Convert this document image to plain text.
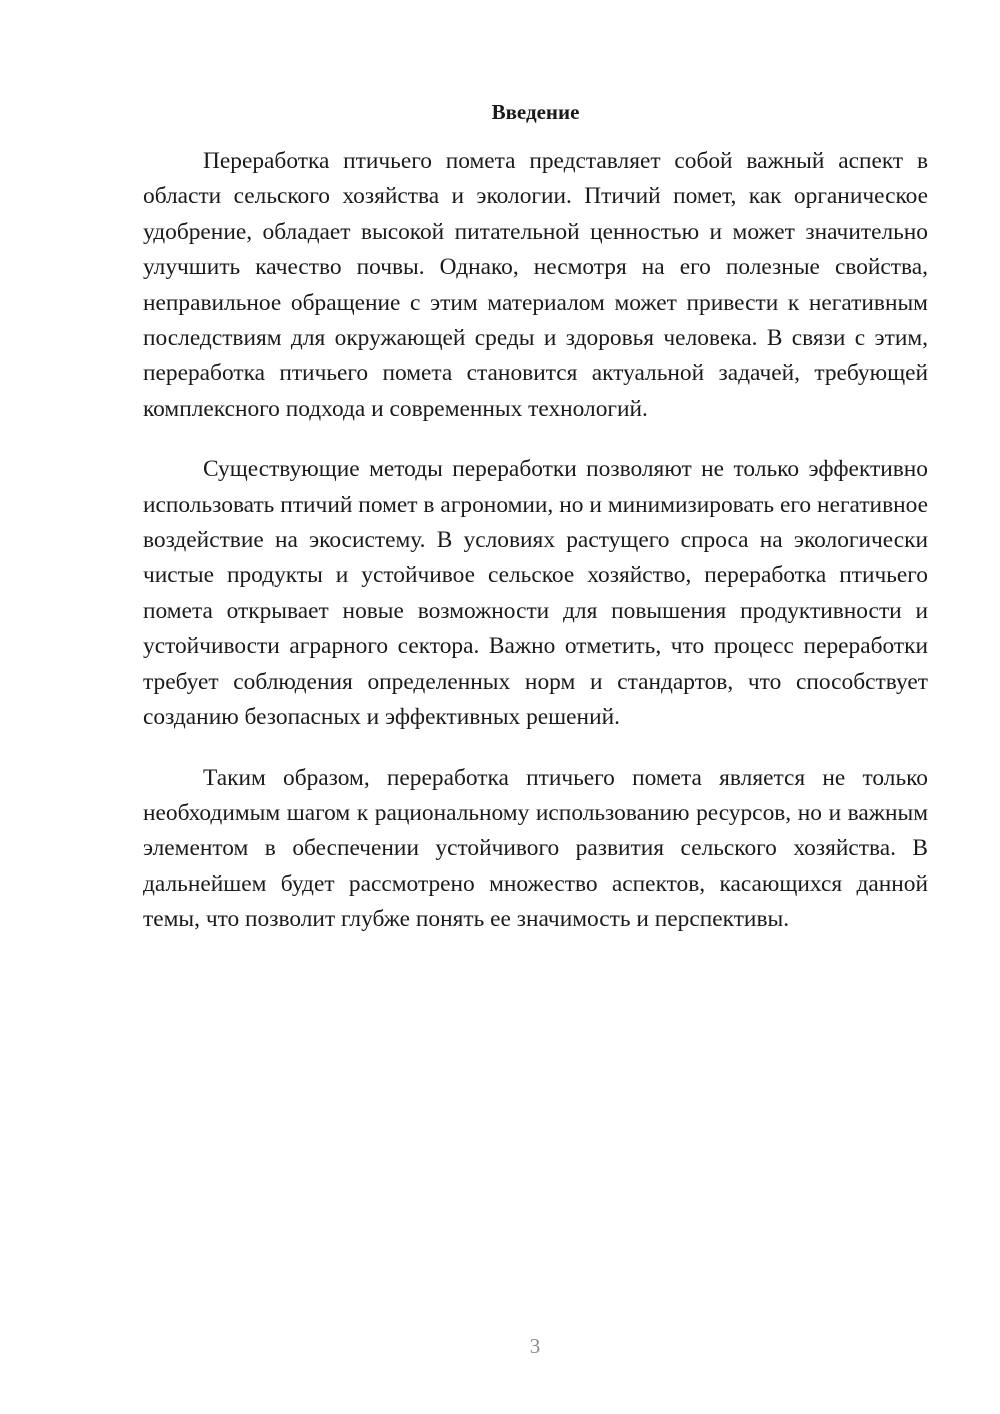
Введение

Переработка птичьего помета представляет собой важный аспект в области сельского хозяйства и экологии. Птичий помет, как органическое удобрение, обладает высокой питательной ценностью и может значительно улучшить качество почвы. Однако, несмотря на его полезные свойства, неправильное обращение с этим материалом может привести к негативным последствиям для окружающей среды и здоровья человека. В связи с этим, переработка птичьего помета становится актуальной задачей, требующей комплексного подхода и современных технологий.

Существующие методы переработки позволяют не только эффективно использовать птичий помет в агрономии, но и минимизировать его негативное воздействие на экосистему. В условиях растущего спроса на экологически чистые продукты и устойчивое сельское хозяйство, переработка птичьего помета открывает новые возможности для повышения продуктивности и устойчивости аграрного сектора. Важно отметить, что процесс переработки требует соблюдения определенных норм и стандартов, что способствует созданию безопасных и эффективных решений.

Таким образом, переработка птичьего помета является не только необходимым шагом к рациональному использованию ресурсов, но и важным элементом в обеспечении устойчивого развития сельского хозяйства. В дальнейшем будет рассмотрено множество аспектов, касающихся данной темы, что позволит глубже понять ее значимость и перспективы.

3
